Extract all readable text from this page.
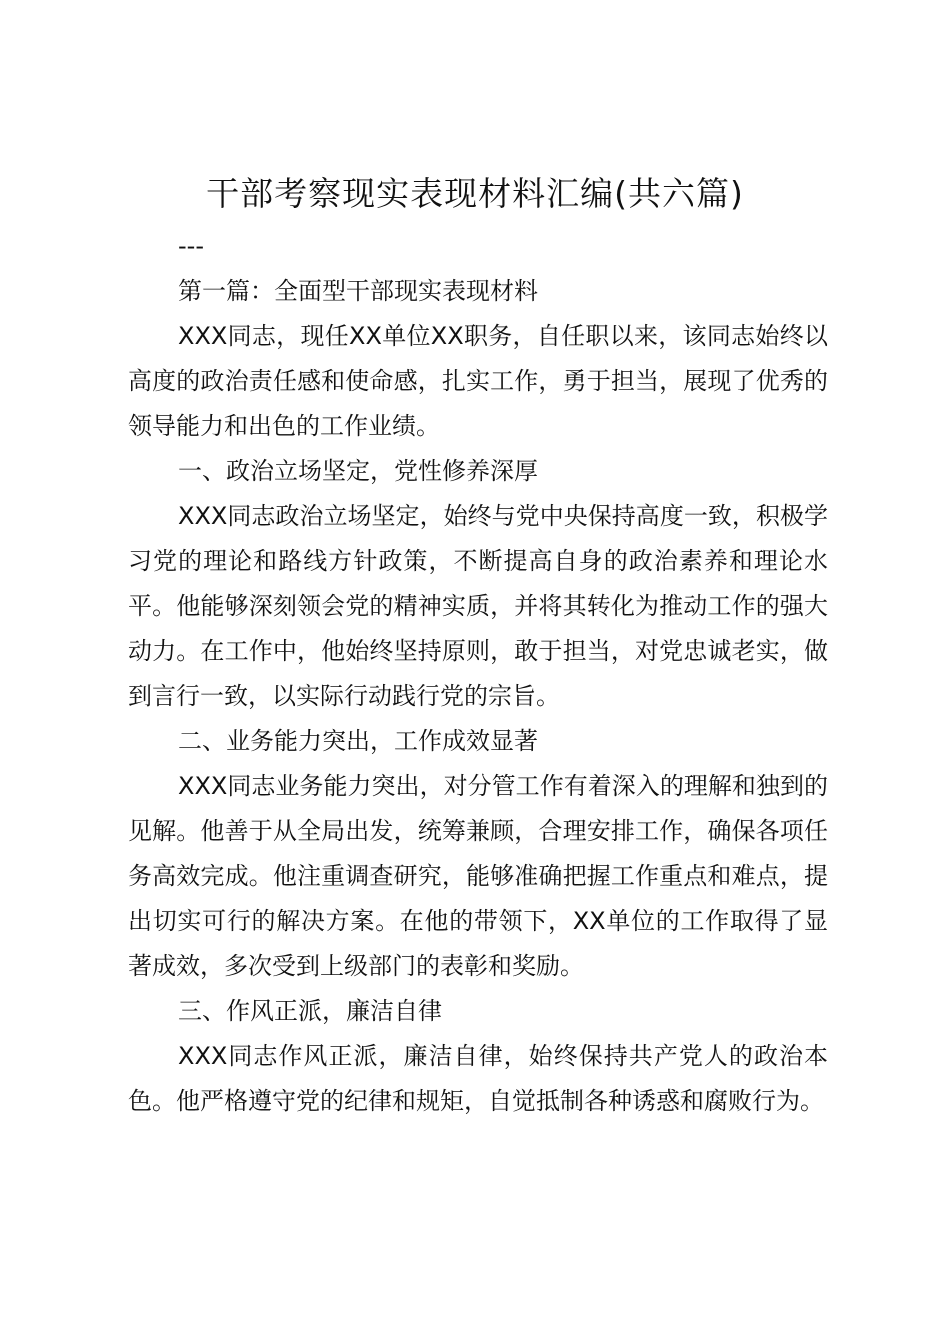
干部考察现实表现材料汇编(共六篇)
---

第一篇：全面型干部现实表现材料

XXX同志，现任XX单位XX职务，自任职以来，该同志始终以高度的政治责任感和使命感，扎实工作，勇于担当，展现了优秀的领导能力和出色的工作业绩。

一、政治立场坚定，党性修养深厚

XXX同志政治立场坚定，始终与党中央保持高度一致，积极学习党的理论和路线方针政策，不断提高自身的政治素养和理论水平。他能够深刻领会党的精神实质，并将其转化为推动工作的强大动力。在工作中，他始终坚持原则，敢于担当，对党忠诚老实，做到言行一致，以实际行动践行党的宗旨。

二、业务能力突出，工作成效显著

XXX同志业务能力突出，对分管工作有着深入的理解和独到的见解。他善于从全局出发，统筹兼顾，合理安排工作，确保各项任务高效完成。他注重调查研究，能够准确把握工作重点和难点，提出切实可行的解决方案。在他的带领下，XX单位的工作取得了显著成效，多次受到上级部门的表彰和奖励。

三、作风正派，廉洁自律

XXX同志作风正派，廉洁自律，始终保持共产党人的政治本色。他严格遵守党的纪律和规矩，自觉抵制各种诱惑和腐败行为。
